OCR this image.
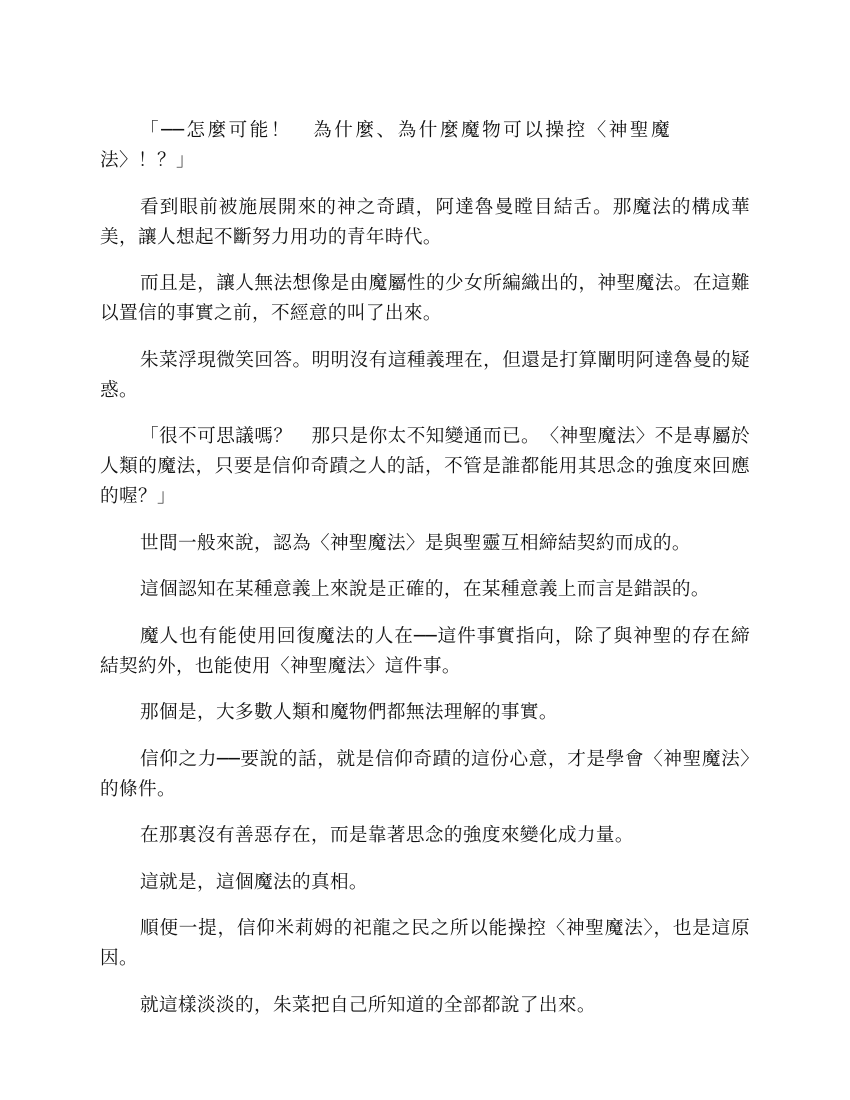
「──怎麼可能！　為什麼、為什麼魔物可以操控〈神聖魔法〉！？」

看到眼前被施展開來的神之奇蹟，阿達魯曼瞠目結舌。那魔法的構成華美，讓人想起不斷努力用功的青年時代。

而且是，讓人無法想像是由魔屬性的少女所編織出的，神聖魔法。在這難以置信的事實之前，不經意的叫了出來。

朱菜浮現微笑回答。明明沒有這種義理在，但還是打算闡明阿達魯曼的疑惑。

「很不可思議嗎？　那只是你太不知變通而已。　〈神聖魔法〉不是專屬於人類的魔法，只要是信仰奇蹟之人的話，不管是誰都能用其思念的強度來回應的喔？」

世間一般來說，認為〈神聖魔法〉是與聖靈互相締結契約而成的。

這個認知在某種意義上來說是正確的，在某種意義上而言是錯誤的。

魔人也有能使用回復魔法的人在──這件事實指向，除了與神聖的存在締結契約外，也能使用〈神聖魔法〉這件事。

那個是，大多數人類和魔物們都無法理解的事實。

信仰之力──要說的話，就是信仰奇蹟的這份心意，才是學會〈神聖魔法〉的條件。

在那裏沒有善惡存在，而是靠著思念的強度來變化成力量。

這就是，這個魔法的真相。

順便一提，信仰米莉姆的祀龍之民之所以能操控〈神聖魔法〉，也是這原因。

就這樣淡淡的，朱菜把自己所知道的全部都說了出來。
